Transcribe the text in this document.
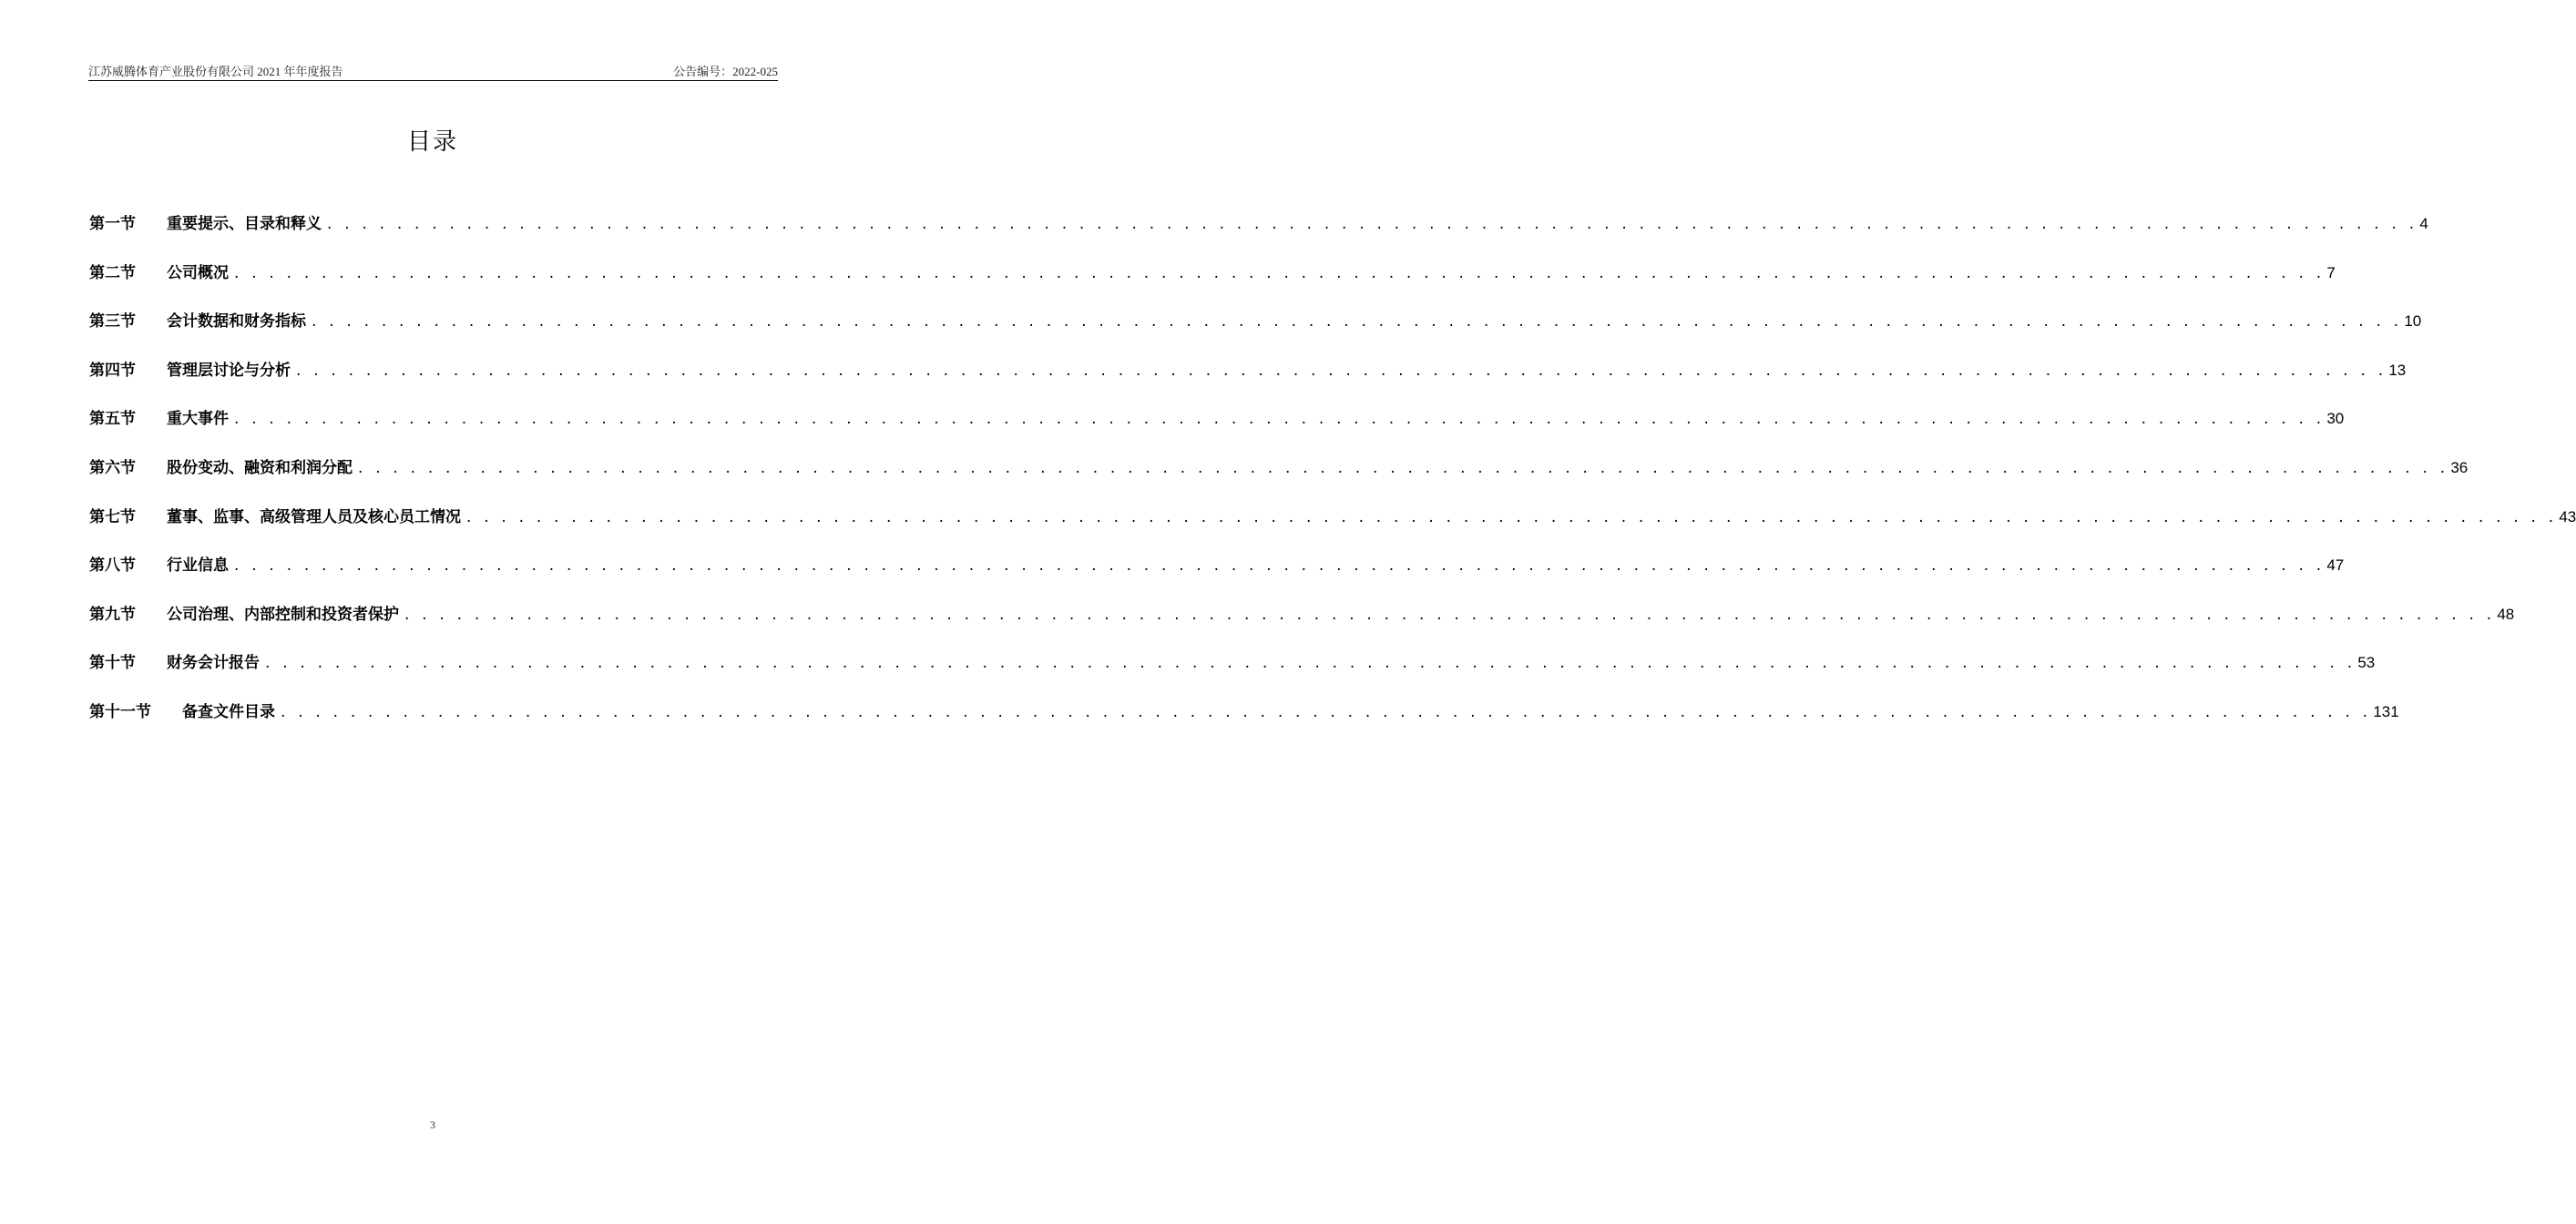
江苏威腾体育产业股份有限公司 2021 年年度报告	公告编号：2022-025
目录
第一节	重要提示、目录和释义 . . . . . . . . . . . . . . . . . . . . . . . . . . . . . . . . . . . . . . . . . . . . . . . . . . . . . . . . . . . . . . . . . . . . . . . . . . . . . . . . . . . . . . . . . . . . . . . . . . . . . . . . . . . . . . . . . . . . . . . . 4
第二节	公司概况 . . . . . . . . . . . . . . . . . . . . . . . . . . . . . . . . . . . . . . . . . . . . . . . . . . . . . . . . . . . . . . . . . . . . . . . . . . . . . . . . . . . . . . . . . . . . . . . . . . . . . . . . . . . . . . . . . . . . . . . . 7
第三节	会计数据和财务指标 . . . . . . . . . . . . . . . . . . . . . . . . . . . . . . . . . . . . . . . . . . . . . . . . . . . . . . . . . . . . . . . . . . . . . . . . . . . . . . . . . . . . . . . . . . . . . . . . . . . . . . . . . . . . . . . . . . . . . . . . 10
第四节	管理层讨论与分析 . . . . . . . . . . . . . . . . . . . . . . . . . . . . . . . . . . . . . . . . . . . . . . . . . . . . . . . . . . . . . . . . . . . . . . . . . . . . . . . . . . . . . . . . . . . . . . . . . . . . . . . . . . . . . . . . . . . . . . . . 13
第五节	重大事件 . . . . . . . . . . . . . . . . . . . . . . . . . . . . . . . . . . . . . . . . . . . . . . . . . . . . . . . . . . . . . . . . . . . . . . . . . . . . . . . . . . . . . . . . . . . . . . . . . . . . . . . . . . . . . . . . . . . . . . . . 30
第六节	股份变动、融资和利润分配 . . . . . . . . . . . . . . . . . . . . . . . . . . . . . . . . . . . . . . . . . . . . . . . . . . . . . . . . . . . . . . . . . . . . . . . . . . . . . . . . . . . . . . . . . . . . . . . . . . . . . . . . . . . . . . . . . . . . . . . . 36
第七节	董事、监事、高级管理人员及核心员工情况 . . . . . . . . . . . . . . . . . . . . . . . . . . . . . . . . . . . . . . . . . . . . . . . . . . . . . . . . . . . . . . . . . . . . . . . . . . . . . . . . . . . . . . . . . . . . . . . . . . . . . . . . . . . . . . . . . . . . . . . . 43
第八节	行业信息 . . . . . . . . . . . . . . . . . . . . . . . . . . . . . . . . . . . . . . . . . . . . . . . . . . . . . . . . . . . . . . . . . . . . . . . . . . . . . . . . . . . . . . . . . . . . . . . . . . . . . . . . . . . . . . . . . . . . . . . . 47
第九节	公司治理、内部控制和投资者保护 . . . . . . . . . . . . . . . . . . . . . . . . . . . . . . . . . . . . . . . . . . . . . . . . . . . . . . . . . . . . . . . . . . . . . . . . . . . . . . . . . . . . . . . . . . . . . . . . . . . . . . . . . . . . . . . . . . . . . . . . 48
第十节	财务会计报告 . . . . . . . . . . . . . . . . . . . . . . . . . . . . . . . . . . . . . . . . . . . . . . . . . . . . . . . . . . . . . . . . . . . . . . . . . . . . . . . . . . . . . . . . . . . . . . . . . . . . . . . . . . . . . . . . . . . . . . . . 53
第十一节	备查文件目录 . . . . . . . . . . . . . . . . . . . . . . . . . . . . . . . . . . . . . . . . . . . . . . . . . . . . . . . . . . . . . . . . . . . . . . . . . . . . . . . . . . . . . . . . . . . . . . . . . . . . . . . . . . . . . . . . . . . . . . . . 131
3
